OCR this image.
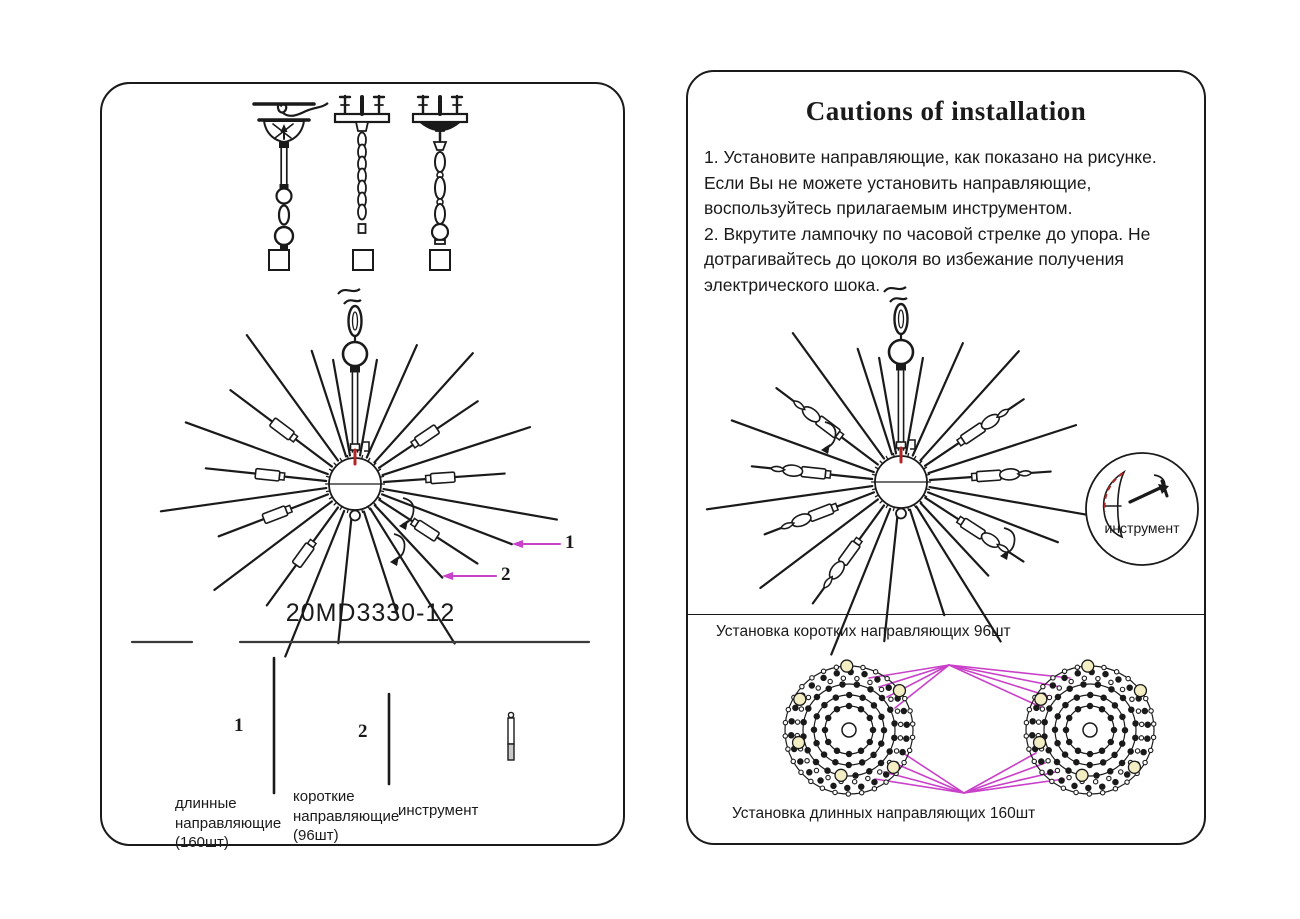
20MD3330-12
1
2
1	2
длинные
направляющие
(160шт)
короткие
направляющие
(96шт)
инструмент
Cautions of installation
1. Установите направляющие, как показано на рисунке.
Если Вы не можете установить направляющие,
воспользуйтесь прилагаемым инструментом.
2. Вкрутите лампочку по часовой стрелке до упора. Не
дотрагивайтесь до цоколя во избежание получения
электрического шока.
инструмент
Установка коротких направляющих 96шт
Установка длинных направляющих 160шт
